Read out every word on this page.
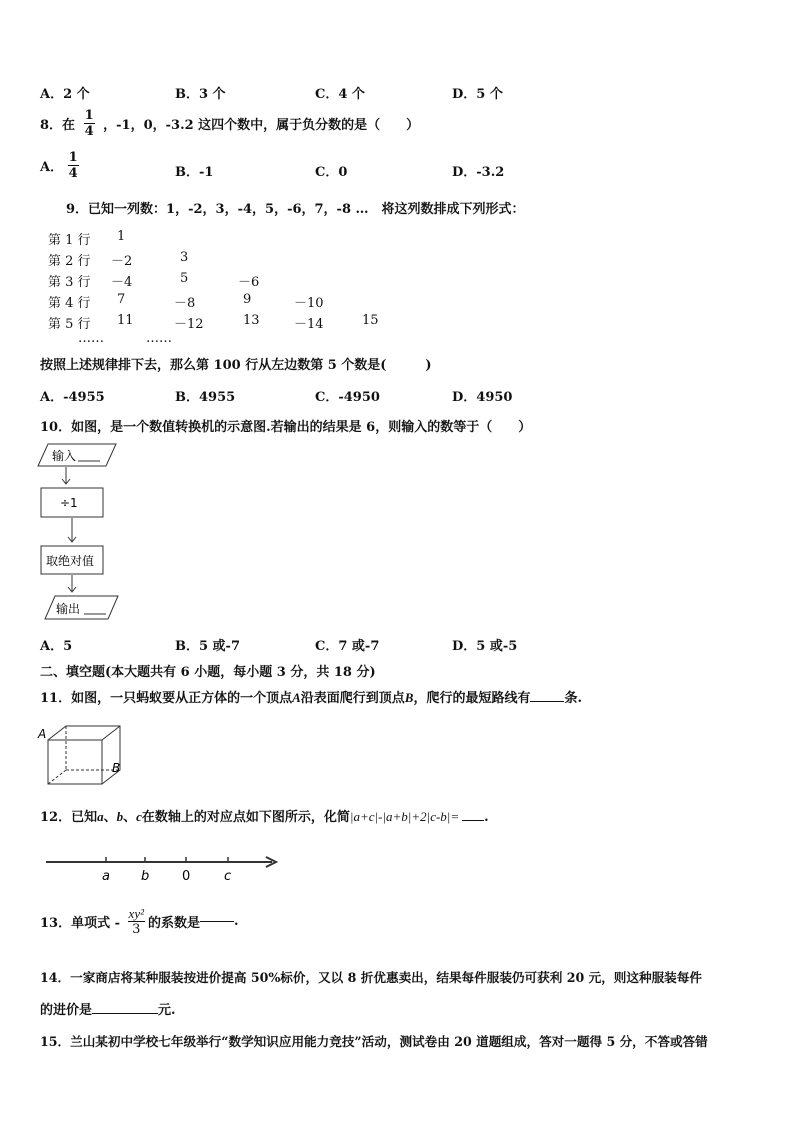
A．2 个	B．3 个	C．4 个	D．5 个
8．在 $\frac{1}{4}$ ，-1，0，-3.2 这四个数中，属于负分数的是（　　）
A． $\frac{1}{4}$	B．-1	C．0	D．-3.2
9．已知一列数：1，-2，3，-4，5，-6，7，-8 …　将这列数排成下列形式：
第 1 行 1
第 2 行 －2	3
第 3 行 －4	5	－6
第 4 行 7	－8	9	－10
第 5 行 11	－12	13	－14	15
……	……
按照上述规律排下去，那么第 100 行从左边数第 5 个数是(　　　)
A．-4955	B．4955	C．-4950	D．4950
10．如图，是一个数值转换机的示意图.若输出的结果是 6，则输入的数等于（　　）
输入
÷1
取绝对值
输出
A．5	B．5 或-7	C．7 或-7	D．5 或-5
二、填空题(本大题共有 6 小题，每小题 3 分，共 18 分)
11．如图，一只蚂蚁要从正方体的一个顶点A沿表面爬行到顶点B，爬行的最短路线有	条.
A
B
12．已知a、b、c在数轴上的对应点如下图所示，化简|a+c|-|a+b|+2|c-b|= .
a b	0	c
13．单项式 - $\frac{\text{xy²}}{3}$ 的系数是	.
14．一家商店将某种服装按进价提高 50%标价，又以 8 折优惠卖出，结果每件服装仍可获利 20 元，则这种服装每件
的进价是	元.
15．兰山某初中学校七年级举行“数学知识应用能力竞技”活动，测试卷由 20 道题组成，答对一题得 5 分，不答或答错
